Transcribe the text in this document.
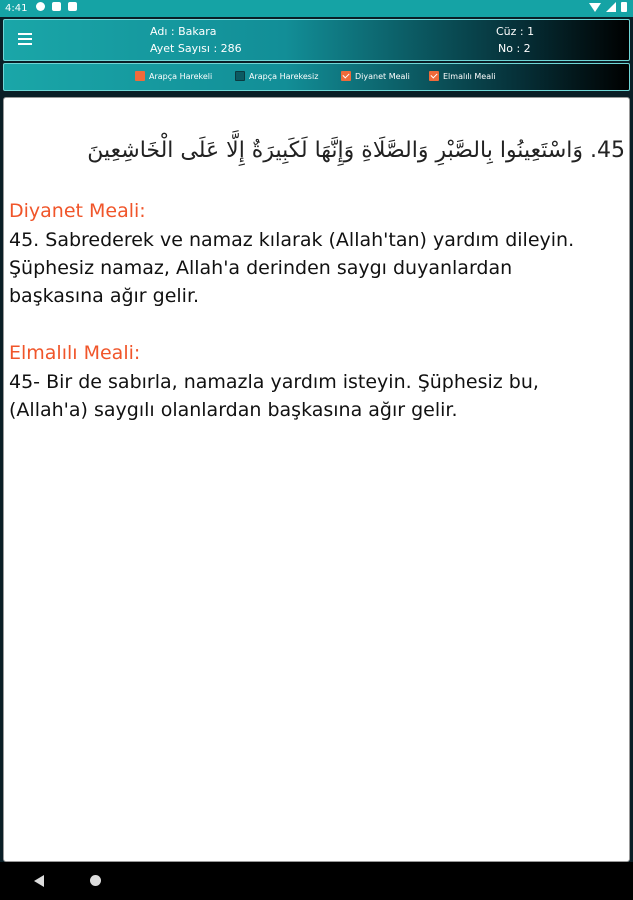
4:41
Adı : Bakara
Ayet Sayısı : 286
Cüz : 1
No : 2
Arapça Harekeli	Arapça Harekesiz	Diyanet Meali	Elmalılı Meali
45. وَاسْتَعِينُوا بِالصَّبْرِ وَالصَّلَاةِ وَإِنَّهَا لَكَبِيرَةٌ إِلَّا عَلَى الْخَاشِعِينَ
Diyanet Meali:
45. Sabrederek ve namaz kılarak (Allah'tan) yardım dileyin. Şüphesiz namaz, Allah'a derinden saygı duyanlardan başkasına ağır gelir.
Elmalılı Meali:
45- Bir de sabırla, namazla yardım isteyin. Şüphesiz bu, (Allah'a) saygılı olanlardan başkasına ağır gelir.
